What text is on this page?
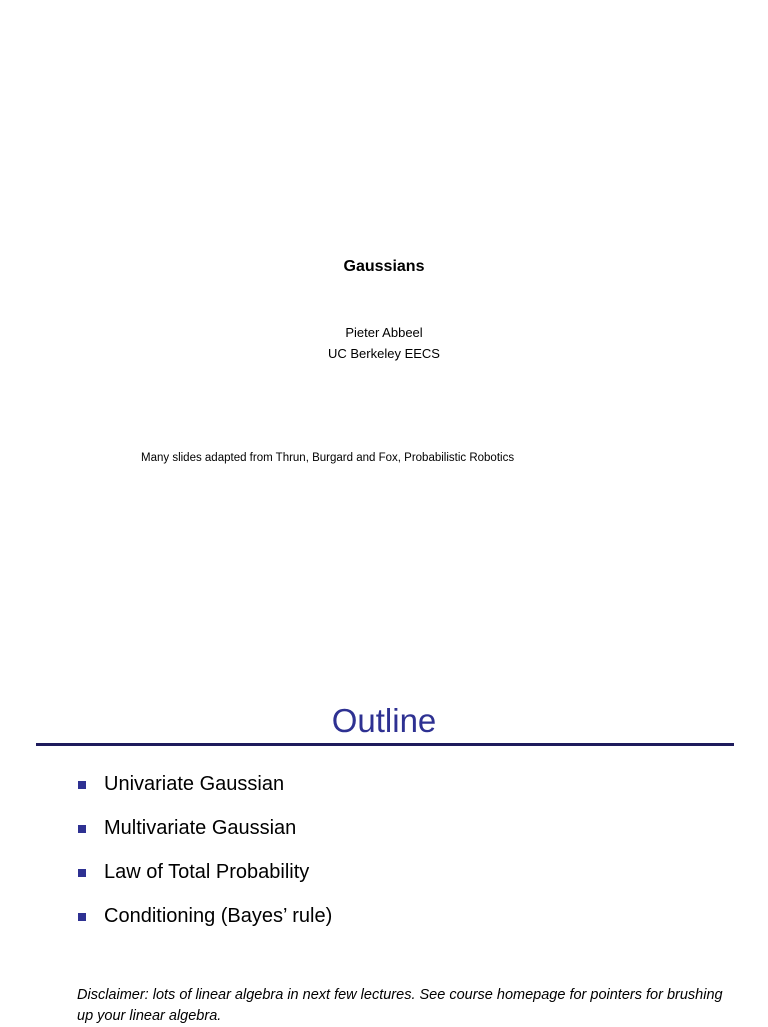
Gaussians
Pieter Abbeel
UC Berkeley EECS
Many slides adapted from Thrun, Burgard and Fox, Probabilistic Robotics
Outline
Univariate Gaussian
Multivariate Gaussian
Law of Total Probability
Conditioning (Bayes’ rule)

Disclaimer: lots of linear algebra in next few lectures. See course homepage for pointers for brushing up your linear algebra.
